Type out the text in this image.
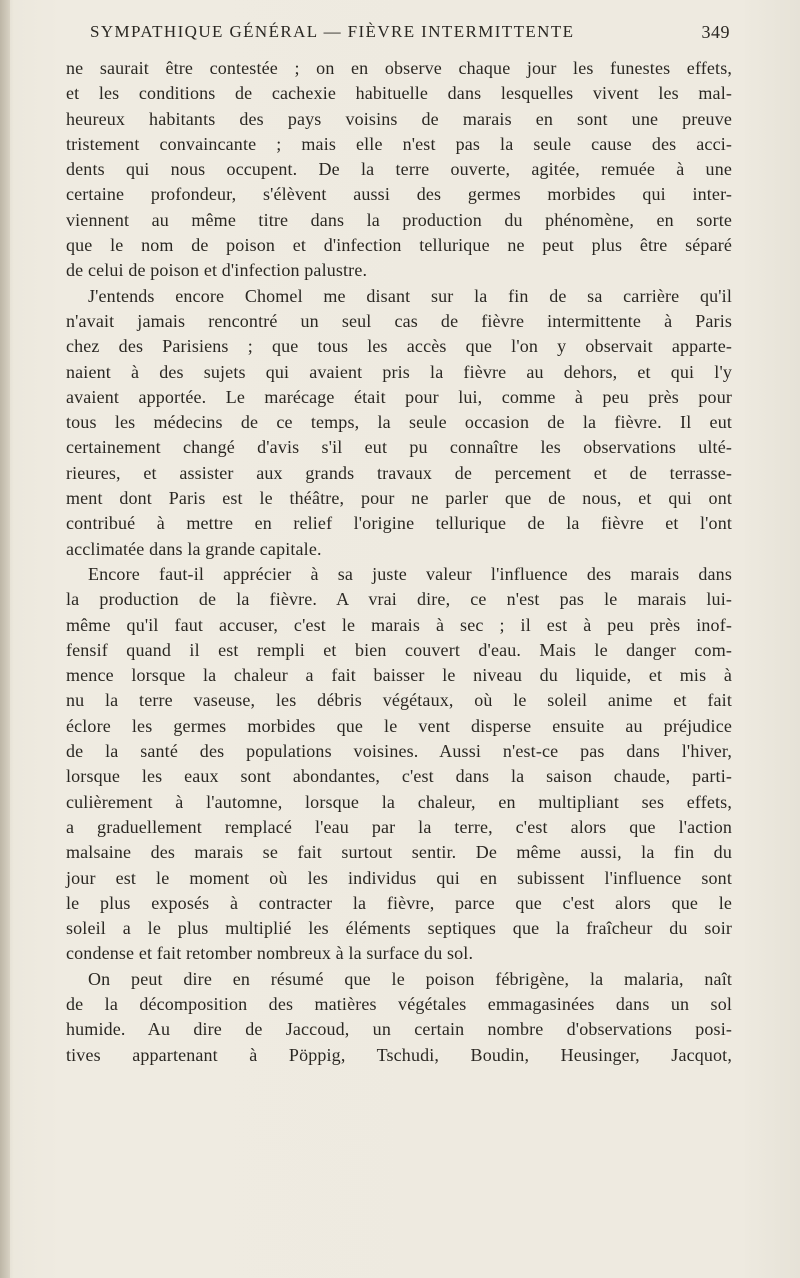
SYMPATHIQUE GÉNÉRAL — FIÈVRE INTERMITTENTE	349
ne saurait être contestée ; on en observe chaque jour les funestes effets,
et les conditions de cachexie habituelle dans lesquelles vivent les mal-
heureux habitants des pays voisins de marais en sont une preuve
tristement convaincante ; mais elle n'est pas la seule cause des acci-
dents qui nous occupent. De la terre ouverte, agitée, remuée à une
certaine profondeur, s'élèvent aussi des germes morbides qui inter-
viennent au même titre dans la production du phénomène, en sorte
que le nom de poison et d'infection tellurique ne peut plus être séparé
de celui de poison et d'infection palustre.
J'entends encore Chomel me disant sur la fin de sa carrière qu'il
n'avait jamais rencontré un seul cas de fièvre intermittente à Paris
chez des Parisiens ; que tous les accès que l'on y observait apparte-
naient à des sujets qui avaient pris la fièvre au dehors, et qui l'y
avaient apportée. Le marécage était pour lui, comme à peu près pour
tous les médecins de ce temps, la seule occasion de la fièvre. Il eut
certainement changé d'avis s'il eut pu connaître les observations ulté-
rieures, et assister aux grands travaux de percement et de terrasse-
ment dont Paris est le théâtre, pour ne parler que de nous, et qui ont
contribué à mettre en relief l'origine tellurique de la fièvre et l'ont
acclimatée dans la grande capitale.
Encore faut-il apprécier à sa juste valeur l'influence des marais dans
la production de la fièvre. A vrai dire, ce n'est pas le marais lui-
même qu'il faut accuser, c'est le marais à sec ; il est à peu près inof-
fensif quand il est rempli et bien couvert d'eau. Mais le danger com-
mence lorsque la chaleur a fait baisser le niveau du liquide, et mis à
nu la terre vaseuse, les débris végétaux, où le soleil anime et fait
éclore les germes morbides que le vent disperse ensuite au préjudice
de la santé des populations voisines. Aussi n'est-ce pas dans l'hiver,
lorsque les eaux sont abondantes, c'est dans la saison chaude, parti-
culièrement à l'automne, lorsque la chaleur, en multipliant ses effets,
a graduellement remplacé l'eau par la terre, c'est alors que l'action
malsaine des marais se fait surtout sentir. De même aussi, la fin du
jour est le moment où les individus qui en subissent l'influence sont
le plus exposés à contracter la fièvre, parce que c'est alors que le
soleil a le plus multiplié les éléments septiques que la fraîcheur du soir
condense et fait retomber nombreux à la surface du sol.
On peut dire en résumé que le poison fébrigène, la malaria, naît
de la décomposition des matières végétales emmagasinées dans un sol
humide. Au dire de Jaccoud, un certain nombre d'observations posi-
tives appartenant à Pöppig, Tschudi, Boudin, Heusinger, Jacquot,
